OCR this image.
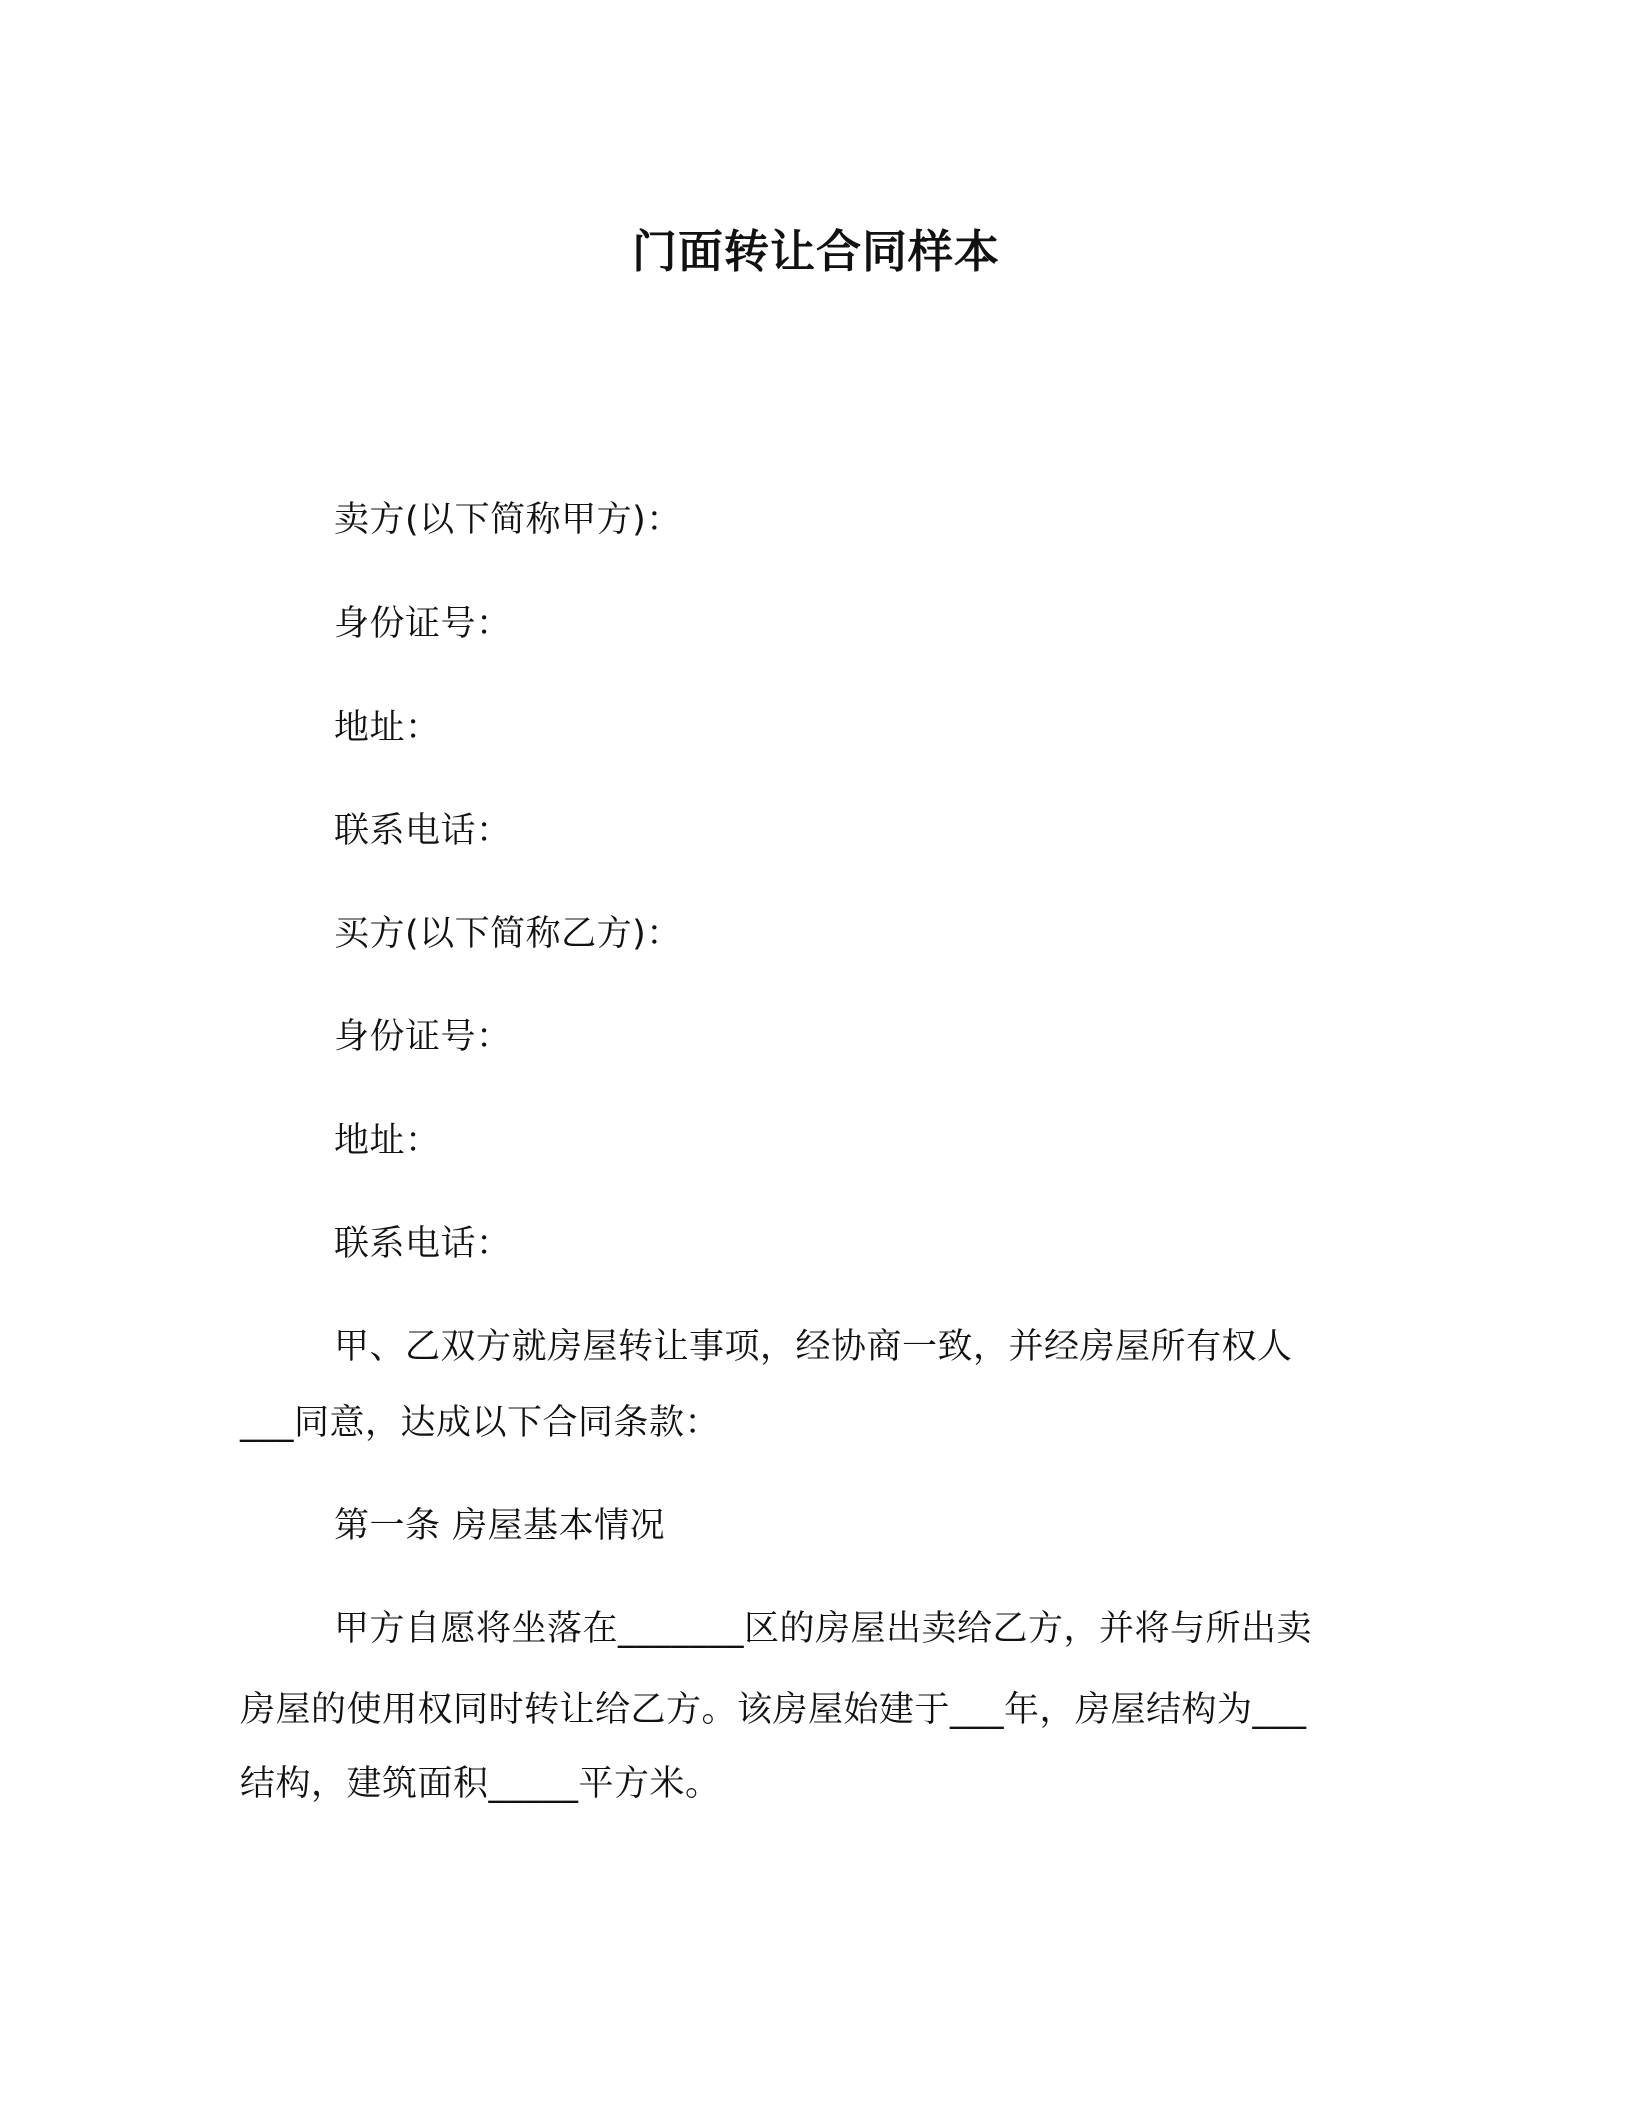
门面转让合同样本
卖方(以下简称甲方)：
身份证号：
地址：
联系电话：
买方(以下简称乙方)：
身份证号：
地址：
联系电话：
甲、乙双方就房屋转让事项，经协商一致，并经房屋所有权人
___同意，达成以下合同条款：
第一条 房屋基本情况
甲方自愿将坐落在_______区的房屋出卖给乙方，并将与所出卖
房屋的使用权同时转让给乙方。该房屋始建于___年，房屋结构为___
结构，建筑面积_____平方米。
